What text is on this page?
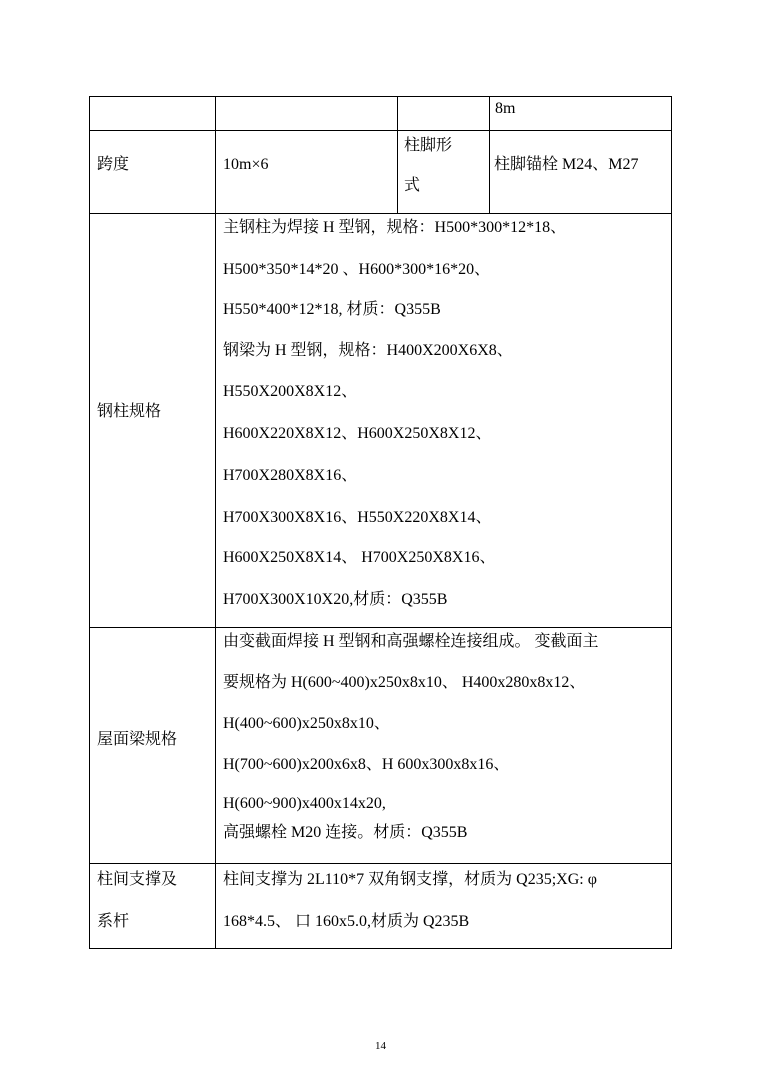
8m
跨度	10m×6
柱脚形
式
柱脚锚栓 M24、M27
钢柱规格
主钢柱为焊接 H 型钢，规格：H500*300*12*18、
H500*350*14*20 、H600*300*16*20、
H550*400*12*18, 材质：Q355B
钢梁为 H 型钢，规格：H400X200X6X8、
H550X200X8X12、
H600X220X8X12、H600X250X8X12、
H700X280X8X16、
H700X300X8X16、H550X220X8X14、
H600X250X8X14、 H700X250X8X16、
H700X300X10X20,材质：Q355B
屋面梁规格
由变截面焊接 H 型钢和高强螺栓连接组成。 变截面主
要规格为 H(600~400)x250x8x10、 H400x280x8x12、
H(400~600)x250x8x10、
H(700~600)x200x6x8、H 600x300x8x16、
H(600~900)x400x14x20,
高强螺栓 M20 连接。材质：Q355B
柱间支撑及
系杆
柱间支撑为 2L110*7 双角钢支撑，材质为 Q235;XG: φ
168*4.5、 口 160x5.0,材质为 Q235B
14
